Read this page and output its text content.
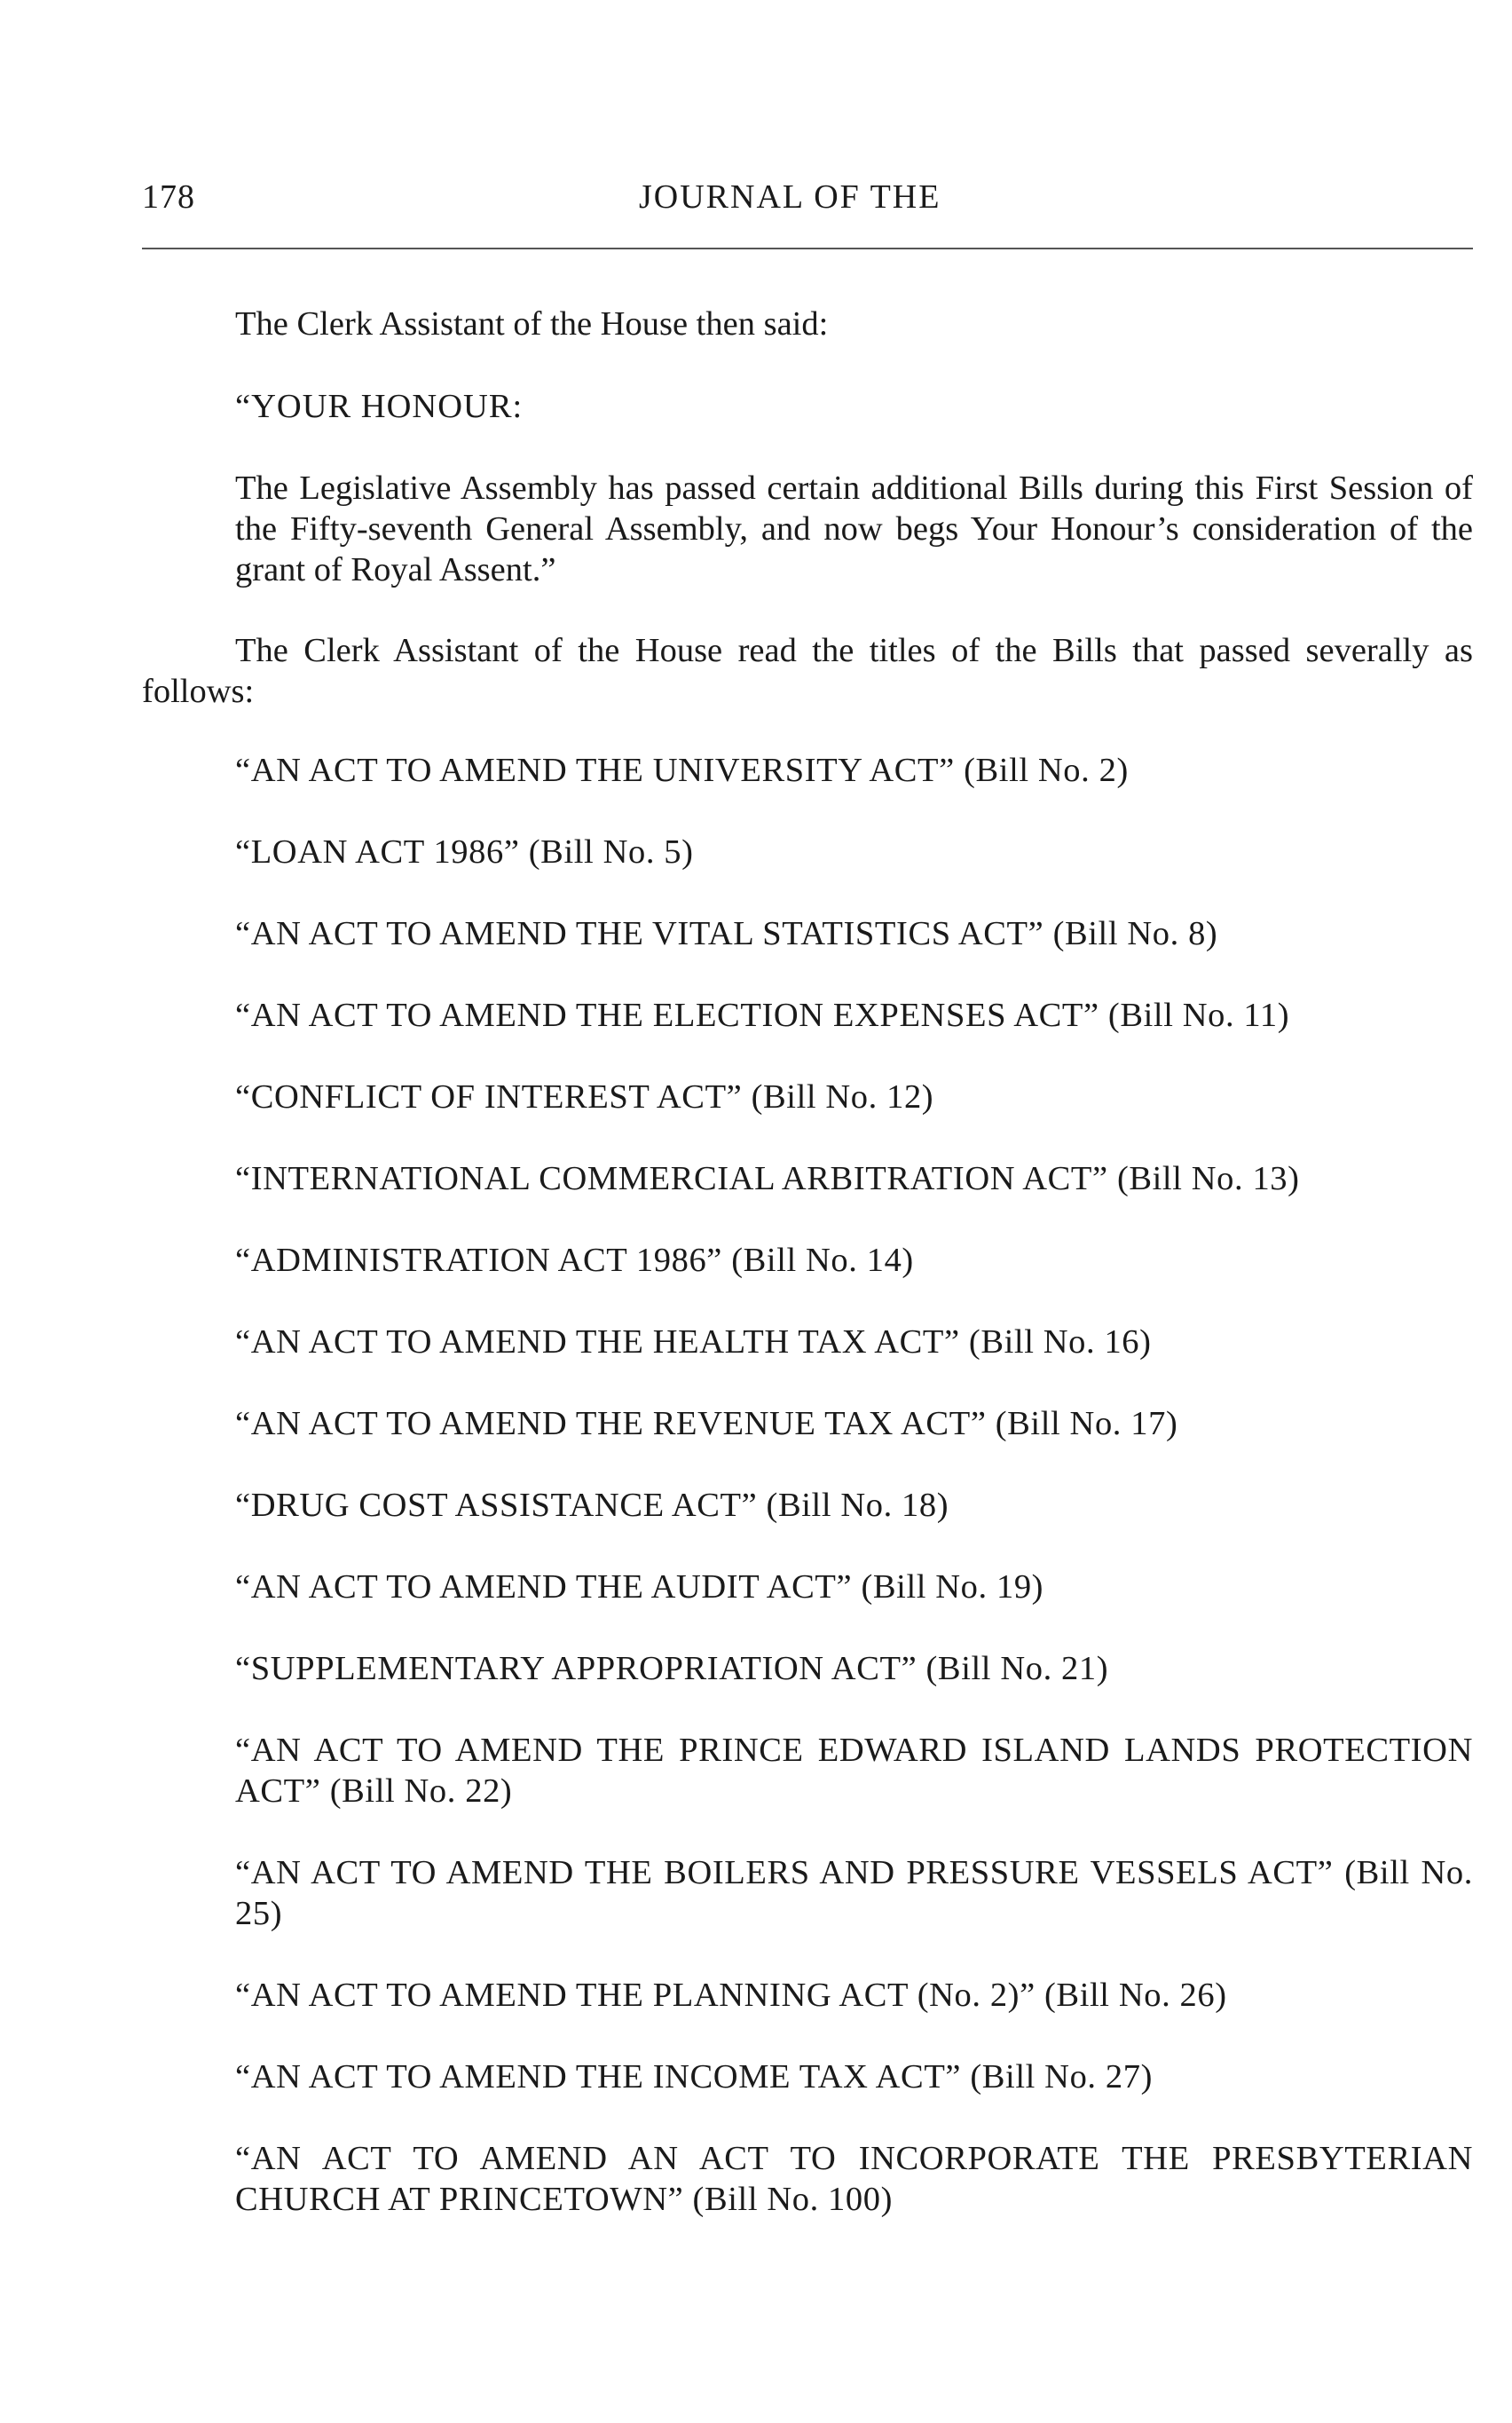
178	JOURNAL OF THE

The Clerk Assistant of the House then said:

“YOUR HONOUR:

The Legislative Assembly has passed certain additional Bills during this First Session of the Fifty-seventh General Assembly, and now begs Your Honour’s consideration of the grant of Royal Assent.”

The Clerk Assistant of the House read the titles of the Bills that passed severally as follows:

“AN ACT TO AMEND THE UNIVERSITY ACT” (Bill No. 2)
“LOAN ACT 1986” (Bill No. 5)
“AN ACT TO AMEND THE VITAL STATISTICS ACT” (Bill No. 8)
“AN ACT TO AMEND THE ELECTION EXPENSES ACT” (Bill No. 11)
“CONFLICT OF INTEREST ACT” (Bill No. 12)
“INTERNATIONAL COMMERCIAL ARBITRATION ACT” (Bill No. 13)
“ADMINISTRATION ACT 1986” (Bill No. 14)
“AN ACT TO AMEND THE HEALTH TAX ACT” (Bill No. 16)
“AN ACT TO AMEND THE REVENUE TAX ACT” (Bill No. 17)
“DRUG COST ASSISTANCE ACT” (Bill No. 18)
“AN ACT TO AMEND THE AUDIT ACT” (Bill No. 19)
“SUPPLEMENTARY APPROPRIATION ACT” (Bill No. 21)
“AN ACT TO AMEND THE PRINCE EDWARD ISLAND LANDS PROTECTION ACT” (Bill No. 22)
“AN ACT TO AMEND THE BOILERS AND PRESSURE VESSELS ACT” (Bill No. 25)
“AN ACT TO AMEND THE PLANNING ACT (No. 2)” (Bill No. 26)
“AN ACT TO AMEND THE INCOME TAX ACT” (Bill No. 27)
“AN ACT TO AMEND AN ACT TO INCORPORATE THE PRESBYTERIAN CHURCH AT PRINCETOWN” (Bill No. 100)
